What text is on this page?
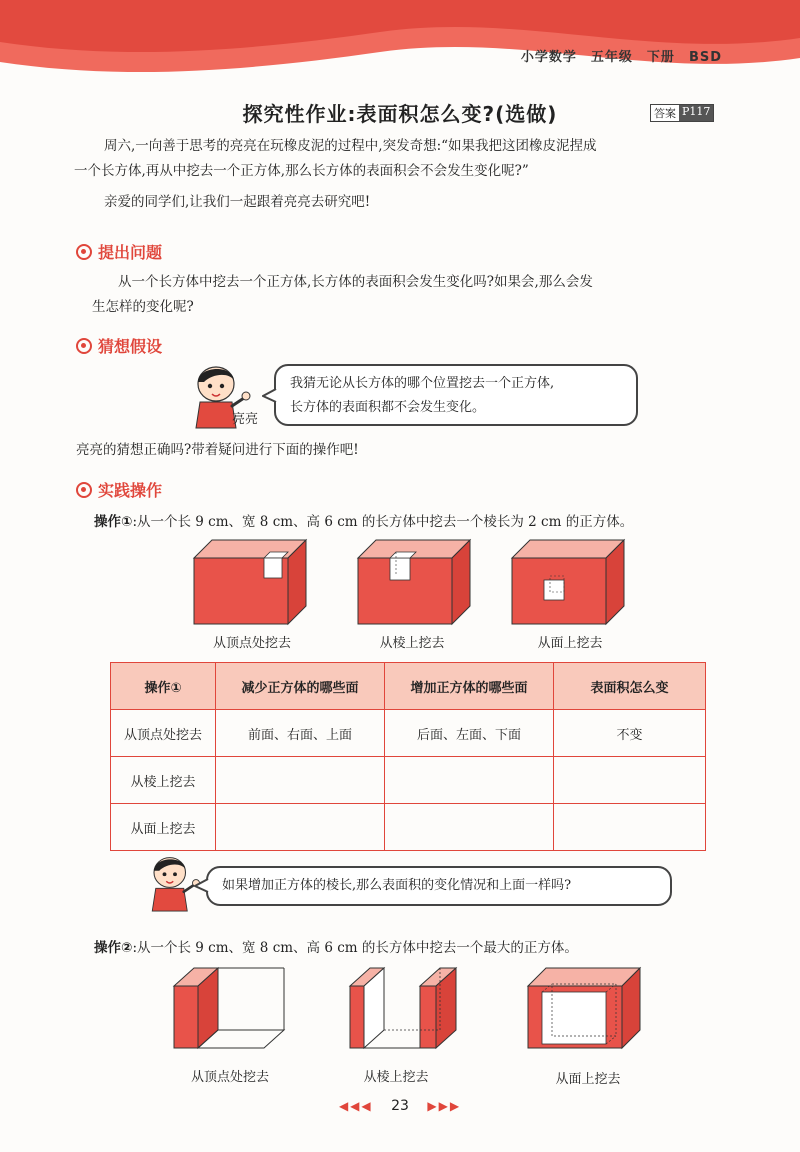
小学数学 五年级 下册 BSD
探究性作业:表面积怎么变?(选做)	答案 P117
周六,一向善于思考的亮亮在玩橡皮泥的过程中,突发奇想:“如果我把这团橡皮泥捏成
一个长方体,再从中挖去一个正方体,那么长方体的表面积会不会发生变化呢?”
亲爱的同学们,让我们一起跟着亮亮去研究吧!
提出问题
从一个长方体中挖去一个正方体,长方体的表面积会发生变化吗?如果会,那么会发
生怎样的变化呢?
猜想假设
亮亮
我猜无论从长方体的哪个位置挖去一个正方体,
长方体的表面积都不会发生变化。
亮亮的猜想正确吗?带着疑问进行下面的操作吧!
实践操作
操作①:从一个长 9 cm、宽 8 cm、高 6 cm 的长方体中挖去一个棱长为 2 cm 的正方体。
从顶点处挖去	从棱上挖去	从面上挖去
操作①	减少正方体的哪些面	增加正方体的哪些面	表面积怎么变
从顶点处挖去	前面、右面、上面	后面、左面、下面	不变
从棱上挖去			
从面上挖去			
如果增加正方体的棱长,那么表面积的变化情况和上面一样吗?
操作②:从一个长 9 cm、宽 8 cm、高 6 cm 的长方体中挖去一个最大的正方体。
从顶点处挖去	从棱上挖去	从面上挖去
◀◀◀ 23 ▶▶▶
